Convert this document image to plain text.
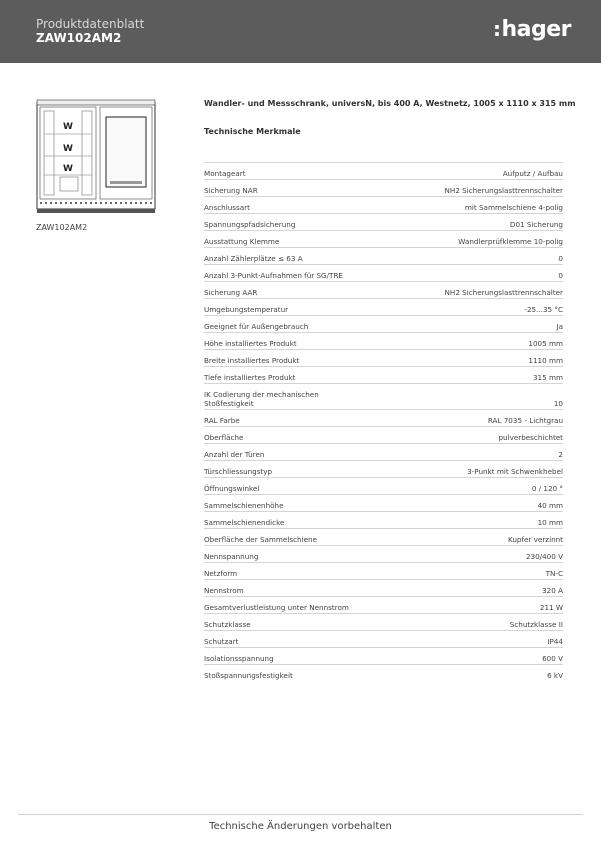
Produktdatenblatt
ZAW102AM2	:hager
W
W
W
ZAW102AM2
Wandler- und Messschrank, universN, bis 400 A, Westnetz, 1005 x 1110 x 315 mm
Technische Merkmale
Montageart	Aufputz / Aufbau
Sicherung NAR	NH2 Sicherungslasttrennschalter
Anschlussart	mit Sammelschiene 4-polig
Spannungspfadsicherung	D01 Sicherung
Ausstattung Klemme	Wandlerprüfklemme 10-polig
Anzahl Zählerplätze ≤ 63 A	0
Anzahl 3-Punkt-Aufnahmen für SG/TRE	0
Sicherung AAR	NH2 Sicherungslasttrennschalter
Umgebungstemperatur	-25...35 °C
Geeignet für Außengebrauch	Ja
Höhe installiertes Produkt	1005 mm
Breite installiertes Produkt	1110 mm
Tiefe installiertes Produkt	315 mm
IK Codierung der mechanischen
Stoßfestigkeit	10
RAL Farbe	RAL 7035 - Lichtgrau
Oberfläche	pulverbeschichtet
Anzahl der Türen	2
Türschliessungstyp	3-Punkt mit Schwenkhebel
Öffnungswinkel	0 / 120 °
Sammelschienenhöhe	40 mm
Sammelschienendicke	10 mm
Oberfläche der Sammelschiene	Kupfer verzinnt
Nennspannung	230/400 V
Netzform	TN-C
Nennstrom	320 A
Gesamtverlustleistung unter Nennstrom	211 W
Schutzklasse	Schutzklasse II
Schutzart	IP44
Isolationsspannung	600 V
Stoßspannungsfestigkeit	6 kV
Technische Änderungen vorbehalten
